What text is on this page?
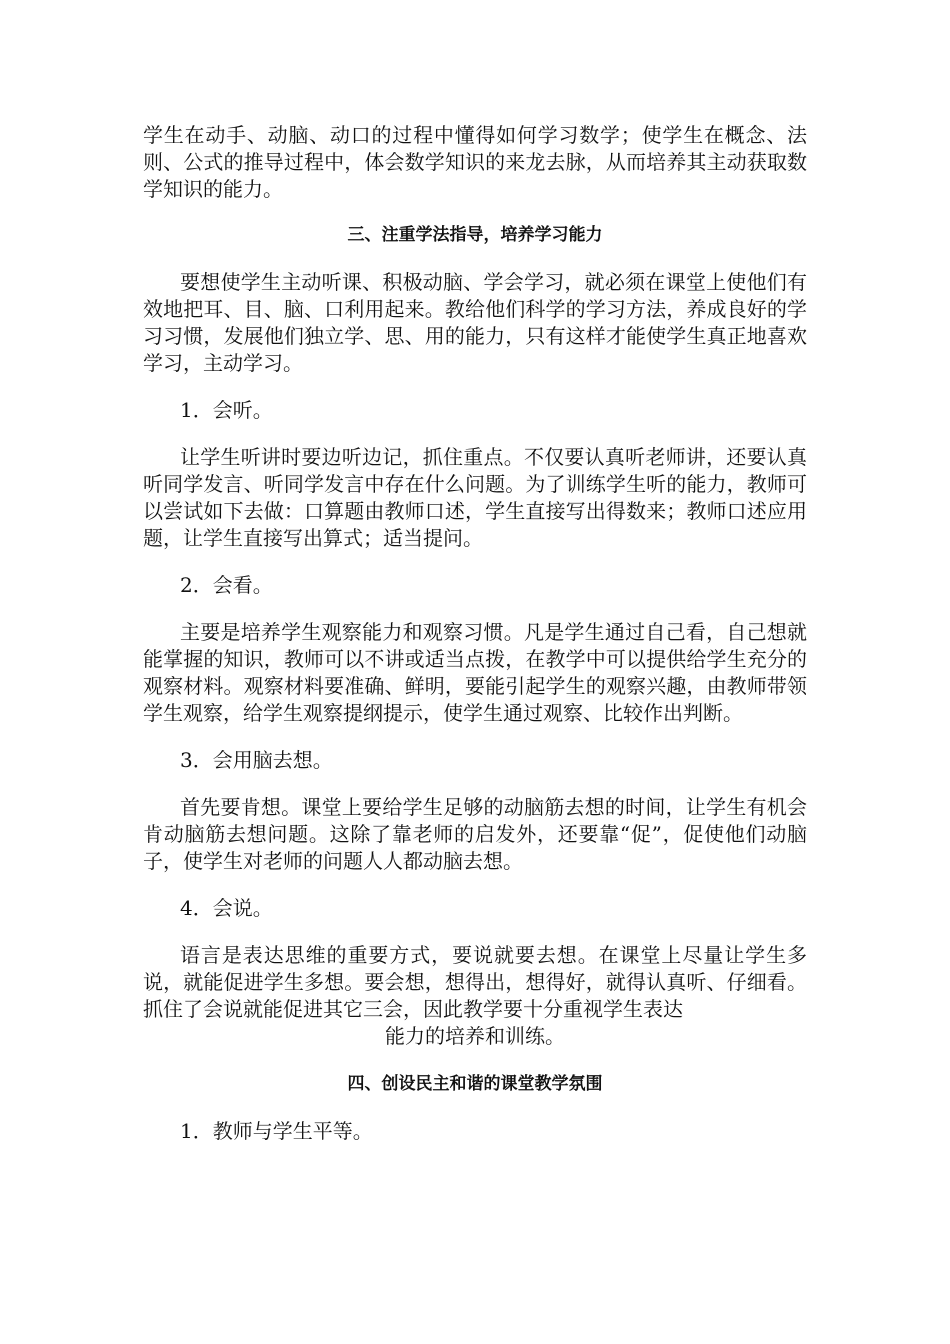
学生在动手、动脑、动口的过程中懂得如何学习数学；使学生在概念、法则、公式的推导过程中，体会数学知识的来龙去脉，从而培养其主动获取数学知识的能力。

三、注重学法指导，培养学习能力

要想使学生主动听课、积极动脑、学会学习，就必须在课堂上使他们有效地把耳、目、脑、口利用起来。教给他们科学的学习方法，养成良好的学习习惯，发展他们独立学、思、用的能力，只有这样才能使学生真正地喜欢学习，主动学习。

1．会听。

让学生听讲时要边听边记，抓住重点。不仅要认真听老师讲，还要认真听同学发言、听同学发言中存在什么问题。为了训练学生听的能力，教师可以尝试如下去做：口算题由教师口述，学生直接写出得数来；教师口述应用题，让学生直接写出算式；适当提问。

2．会看。

主要是培养学生观察能力和观察习惯。凡是学生通过自己看，自己想就能掌握的知识，教师可以不讲或适当点拨，在教学中可以提供给学生充分的观察材料。观察材料要准确、鲜明，要能引起学生的观察兴趣，由教师带领学生观察，给学生观察提纲提示，使学生通过观察、比较作出判断。

3．会用脑去想。

首先要肯想。课堂上要给学生足够的动脑筋去想的时间，让学生有机会肯动脑筋去想问题。这除了靠老师的启发外，还要靠“促”，促使他们动脑子，使学生对老师的问题人人都动脑去想。

4．会说。

语言是表达思维的重要方式，要说就要去想。在课堂上尽量让学生多说，就能促进学生多想。要会想，想得出，想得好，就得认真听、仔细看。抓住了会说就能促进其它三会，因此教学要十分重视学生表达
能力的培养和训练。

四、创设民主和谐的课堂教学氛围

1．教师与学生平等。
